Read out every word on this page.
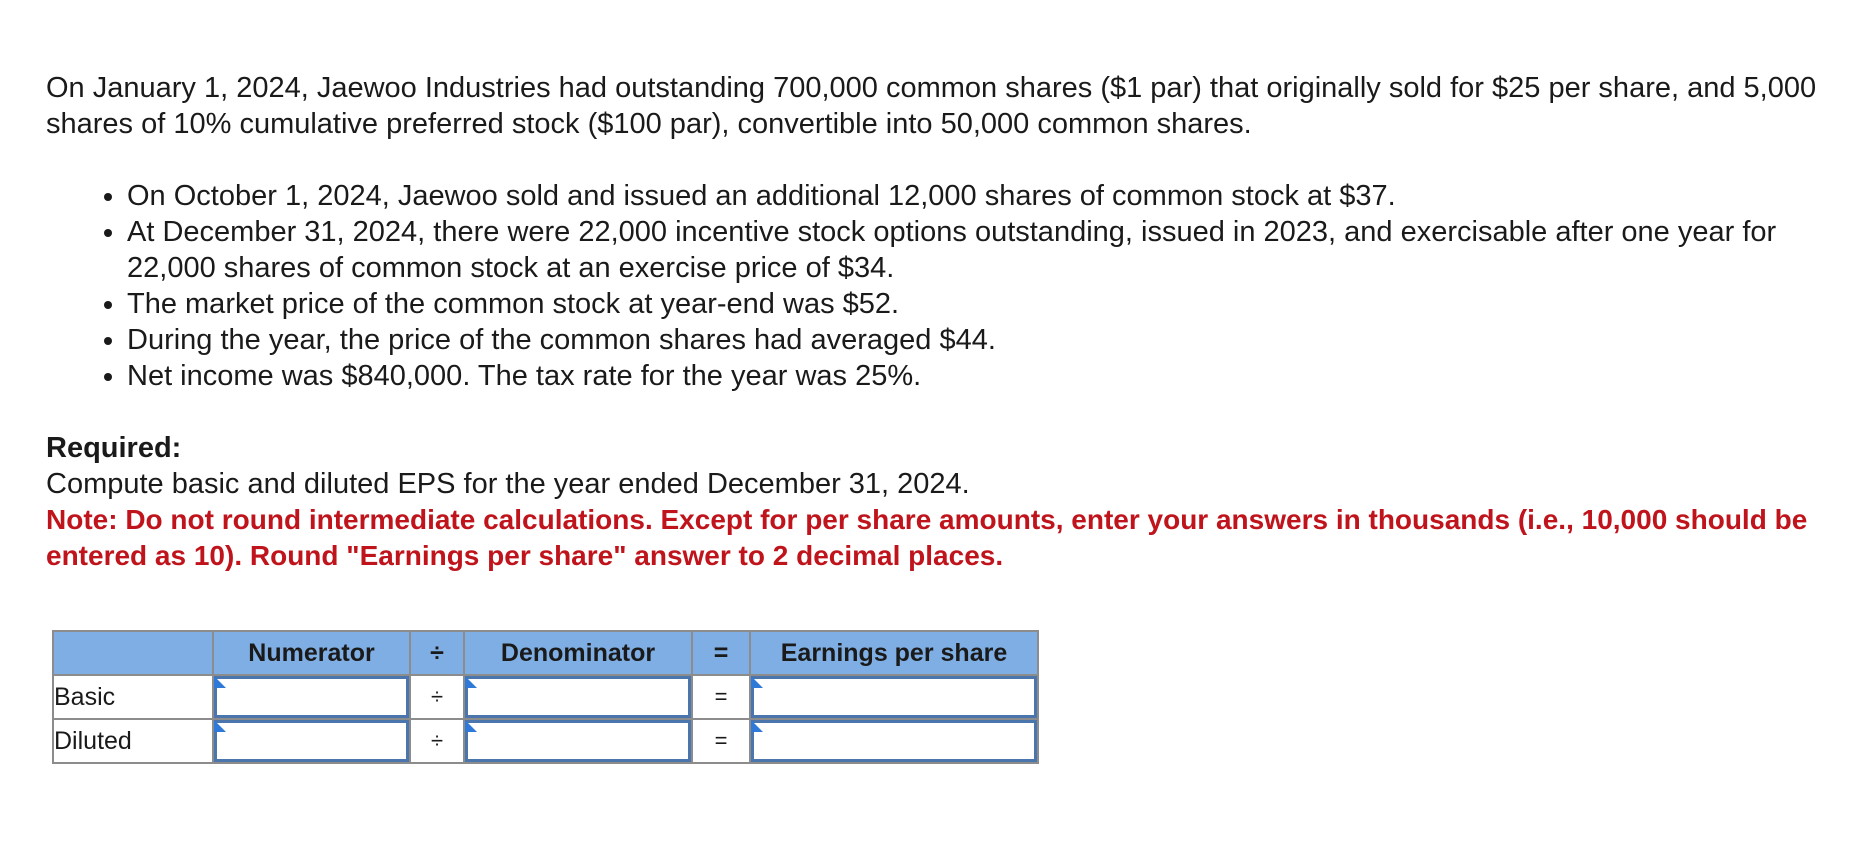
On January 1, 2024, Jaewoo Industries had outstanding 700,000 common shares ($1 par) that originally sold for $25 per share, and 5,000 shares of 10% cumulative preferred stock ($100 par), convertible into 50,000 common shares.

• On October 1, 2024, Jaewoo sold and issued an additional 12,000 shares of common stock at $37.
• At December 31, 2024, there were 22,000 incentive stock options outstanding, issued in 2023, and exercisable after one year for 22,000 shares of common stock at an exercise price of $34.
• The market price of the common stock at year-end was $52.
• During the year, the price of the common shares had averaged $44.
• Net income was $840,000. The tax rate for the year was 25%.

Required:

Compute basic and diluted EPS for the year ended December 31, 2024.

Note: Do not round intermediate calculations. Except for per share amounts, enter your answers in thousands (i.e., 10,000 should be entered as 10). Round "Earnings per share" answer to 2 decimal places.

	Numerator	÷	Denominator	=	Earnings per share
Basic		÷		=	

Diluted		÷		=	
